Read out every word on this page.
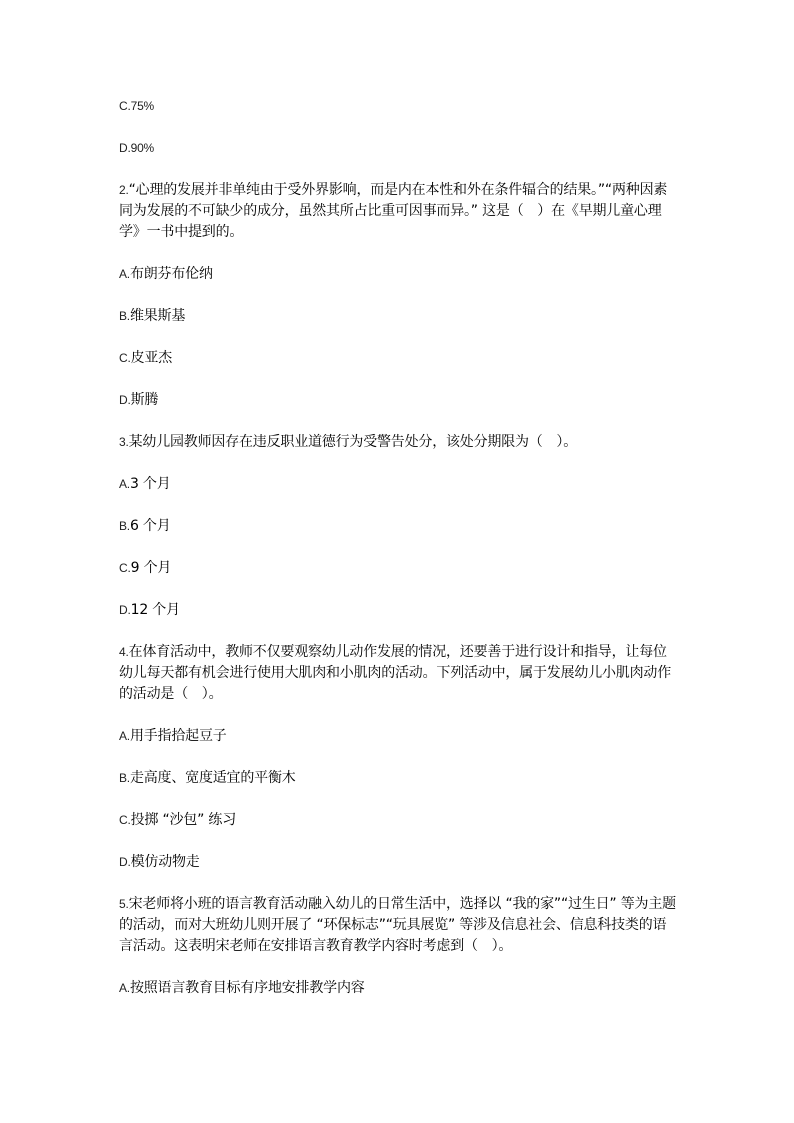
C.75%

D.90%

2.“心理的发展并非单纯由于受外界影响，而是内在本性和外在条件辐合的结果。”“两种因素同为发展的不可缺少的成分，虽然其所占比重可因事而异。” 这是（　）在《早期儿童心理学》一书中提到的。

A.布朗芬布伦纳

B.维果斯基

C.皮亚杰

D.斯腾

3.某幼儿园教师因存在违反职业道德行为受警告处分，该处分期限为（　）。

A.3 个月

B.6 个月

C.9 个月

D.12 个月

4.在体育活动中，教师不仅要观察幼儿动作发展的情况，还要善于进行设计和指导，让每位幼儿每天都有机会进行使用大肌肉和小肌肉的活动。下列活动中，属于发展幼儿小肌肉动作的活动是（　）。

A.用手指拾起豆子

B.走高度、宽度适宜的平衡木

C.投掷 “沙包” 练习

D.模仿动物走

5.宋老师将小班的语言教育活动融入幼儿的日常生活中，选择以 “我的家”“过生日” 等为主题的活动，而对大班幼儿则开展了 “环保标志”“玩具展览” 等涉及信息社会、信息科技类的语言活动。这表明宋老师在安排语言教育教学内容时考虑到（　）。

A.按照语言教育目标有序地安排教学内容
